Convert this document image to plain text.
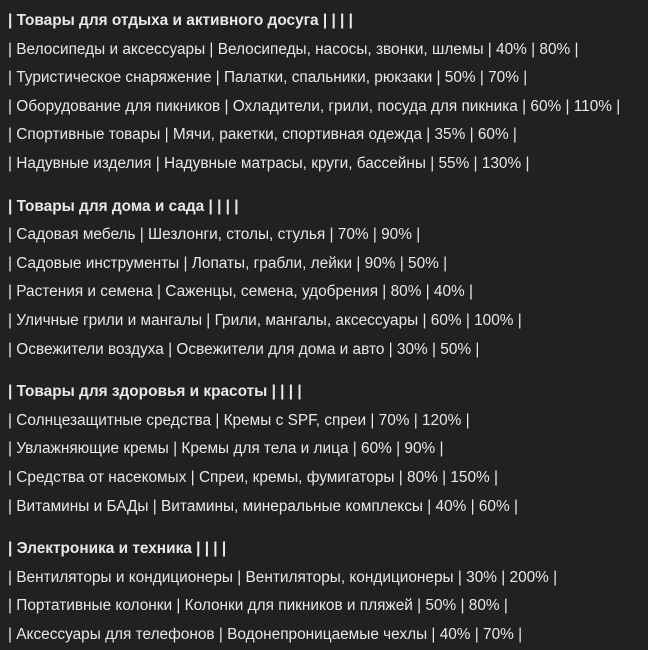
| Товары для отдыха и активного досуга | | | |
| Велосипеды и аксессуары | Велосипеды, насосы, звонки, шлемы | 40% | 80% |
| Туристическое снаряжение | Палатки, спальники, рюкзаки | 50% | 70% |
| Оборудование для пикников | Охладители, грили, посуда для пикника | 60% | 110% |
| Спортивные товары | Мячи, ракетки, спортивная одежда | 35% | 60% |
| Надувные изделия | Надувные матрасы, круги, бассейны | 55% | 130% |
| Товары для дома и сада | | | |
| Садовая мебель | Шезлонги, столы, стулья | 70% | 90% |
| Садовые инструменты | Лопаты, грабли, лейки | 90% | 50% |
| Растения и семена | Саженцы, семена, удобрения | 80% | 40% |
| Уличные грили и мангалы | Грили, мангалы, аксессуары | 60% | 100% |
| Освежители воздуха | Освежители для дома и авто | 30% | 50% |
| Товары для здоровья и красоты | | | |
| Солнцезащитные средства | Кремы с SPF, спреи | 70% | 120% |
| Увлажняющие кремы | Кремы для тела и лица | 60% | 90% |
| Средства от насекомых | Спреи, кремы, фумигаторы | 80% | 150% |
| Витамины и БАДы | Витамины, минеральные комплексы | 40% | 60% |
| Электроника и техника | | | |
| Вентиляторы и кондиционеры | Вентиляторы, кондиционеры | 30% | 200% |
| Портативные колонки | Колонки для пикников и пляжей | 50% | 80% |
| Аксессуары для телефонов | Водонепроницаемые чехлы | 40% | 70% |
